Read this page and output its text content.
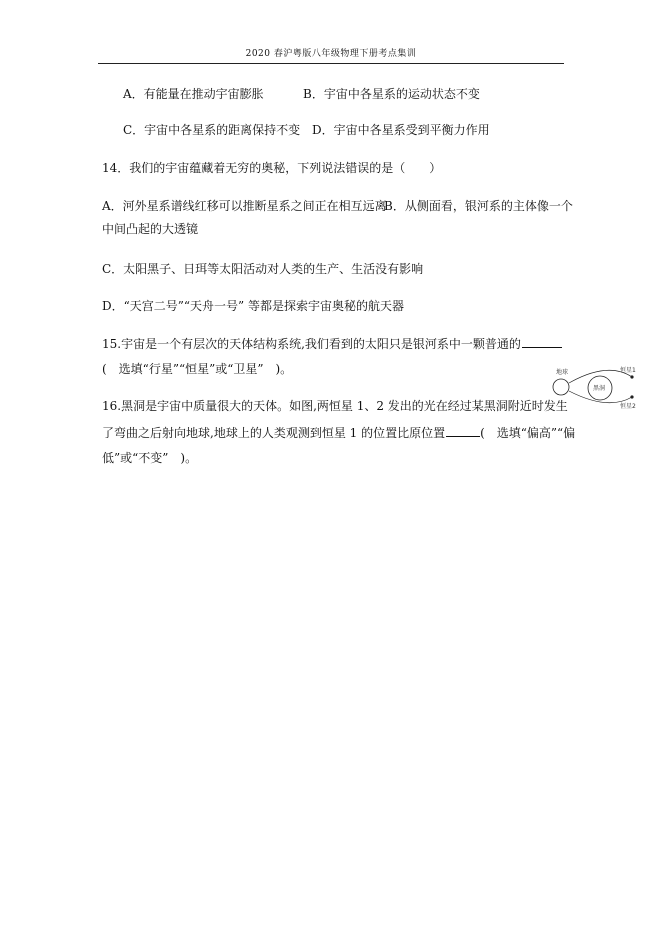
2020 春沪粤版八年级物理下册考点集训
A．有能量在推动宇宙膨胀	B．宇宙中各星系的运动状态不变
C．宇宙中各星系的距离保持不变 D．宇宙中各星系受到平衡力作用
14．我们的宇宙蕴藏着无穷的奥秘，下列说法错误的是（　　）
A．河外星系谱线红移可以推断星系之间正在相互远离
B．从侧面看，银河系的主体像一个
中间凸起的大透镜
C．太阳黑子、日珥等太阳活动对人类的生产、生活没有影响
D．“天宫二号”“天舟一号” 等都是探索宇宙奥秘的航天器
15.宇宙是一个有层次的天体结构系统,我们看到的太阳只是银河系中一颗普通的
(　选填“行星”“恒星”或“卫星”　)。	地球
黑洞
恒星1
恒星2
16.黑洞是宇宙中质量很大的天体。如图,两恒星 1、2 发出的光在经过某黑洞附近时发生
了弯曲之后射向地球,地球上的人类观测到恒星 1 的位置比原位置	(　选填“偏高”“偏
低”或“不变”　)。
